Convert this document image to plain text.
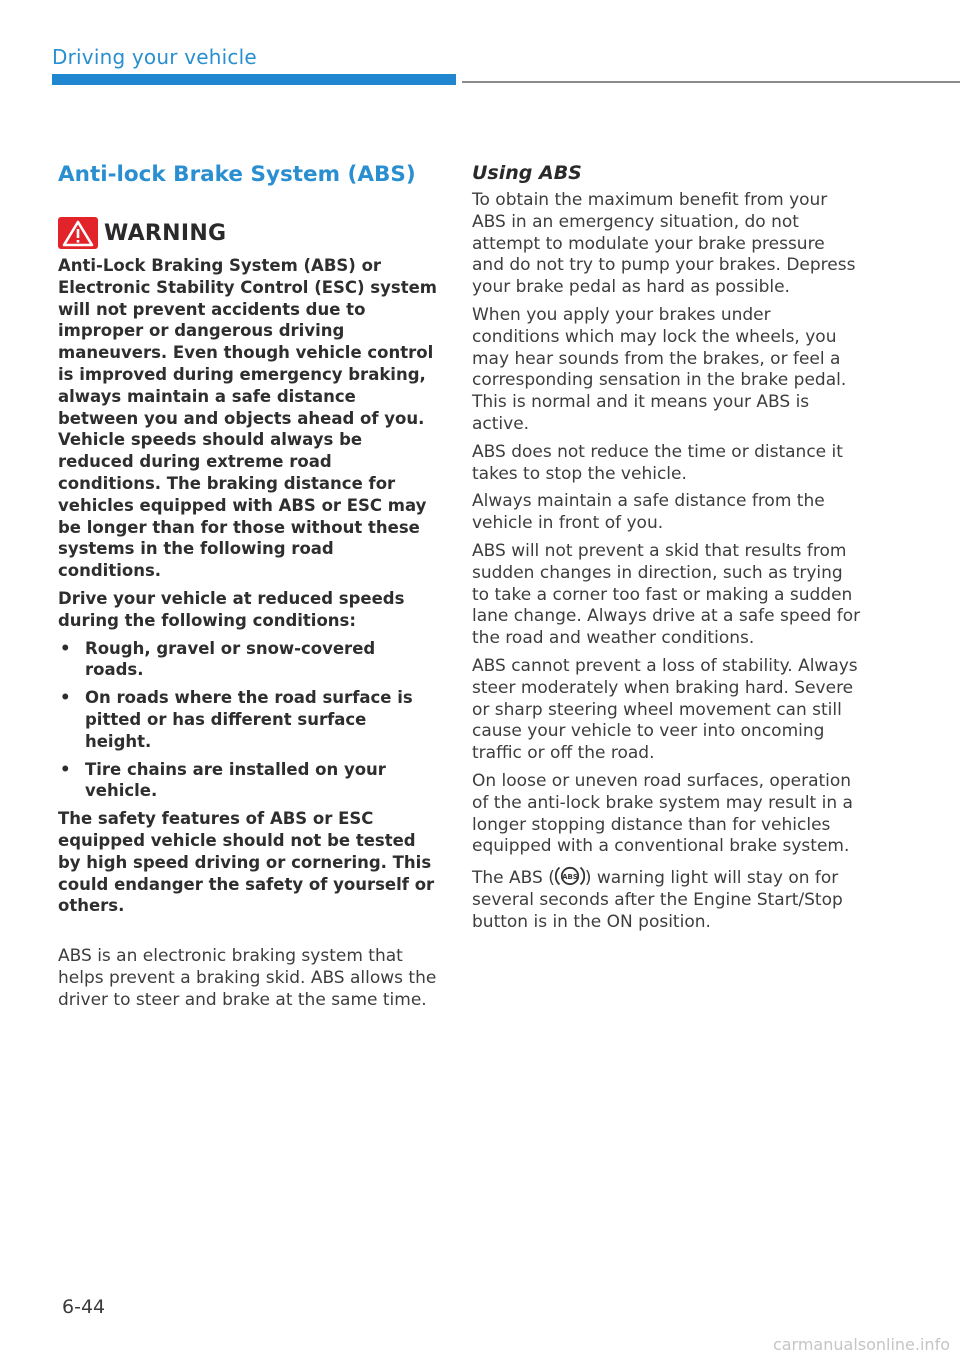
Driving your vehicle
Anti-lock Brake System (ABS)
WARNING

Anti-Lock Braking System (ABS) or Electronic Stability Control (ESC) system will not prevent accidents due to improper or dangerous driving maneuvers. Even though vehicle control is improved during emergency braking, always maintain a safe distance between you and objects ahead of you. Vehicle speeds should always be reduced during extreme road conditions. The braking distance for vehicles equipped with ABS or ESC may be longer than for those without these systems in the following road conditions.

Drive your vehicle at reduced speeds during the following conditions:

• Rough, gravel or snow-covered roads.
• On roads where the road surface is pitted or has different surface height.
• Tire chains are installed on your vehicle.

The safety features of ABS or ESC equipped vehicle should not be tested by high speed driving or cornering. This could endanger the safety of yourself or others.

ABS is an electronic braking system that helps prevent a braking skid. ABS allows the driver to steer and brake at the same time.

Using ABS

To obtain the maximum benefit from your ABS in an emergency situation, do not attempt to modulate your brake pressure and do not try to pump your brakes. Depress your brake pedal as hard as possible.

When you apply your brakes under conditions which may lock the wheels, you may hear sounds from the brakes, or feel a corresponding sensation in the brake pedal. This is normal and it means your ABS is active.

ABS does not reduce the time or distance it takes to stop the vehicle.

Always maintain a safe distance from the vehicle in front of you.

ABS will not prevent a skid that results from sudden changes in direction, such as trying to take a corner too fast or making a sudden lane change. Always drive at a safe speed for the road and weather conditions.

ABS cannot prevent a loss of stability. Always steer moderately when braking hard. Severe or sharp steering wheel movement can still cause your vehicle to veer into oncoming traffic or off the road.

On loose or uneven road surfaces, operation of the anti-lock brake system may result in a longer stopping distance than for vehicles equipped with a conventional brake system.

The ABS ( ABS ) warning light will stay on for several seconds after the Engine Start/Stop button is in the ON position.

6-44
carmanualsonline.info
